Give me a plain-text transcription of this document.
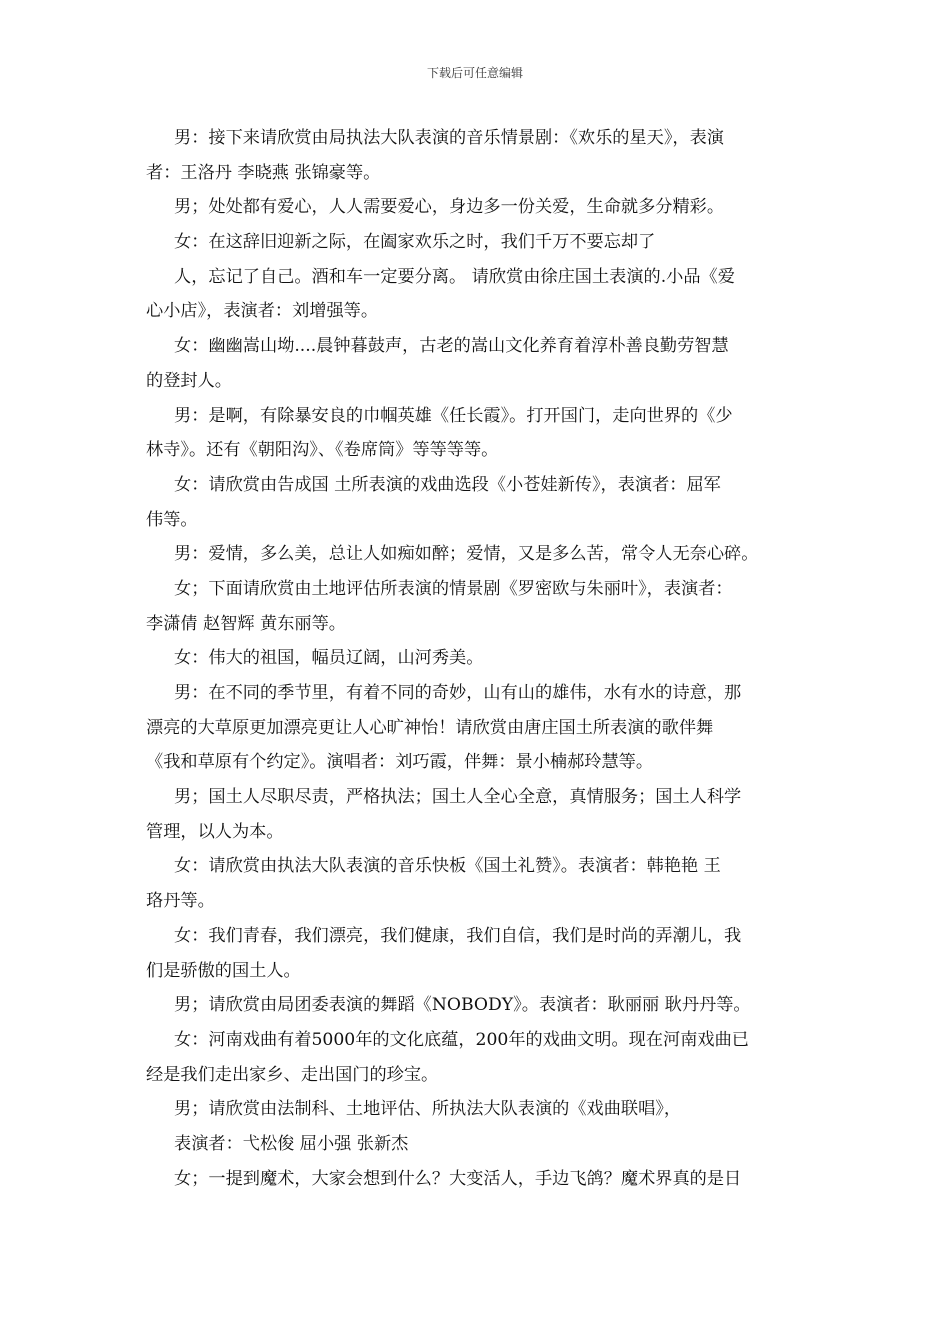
下载后可任意编辑
男：接下来请欣赏由局执法大队表演的音乐情景剧：《欢乐的星天》，表演
者：王洛丹 李晓燕 张锦豪等。
男；处处都有爱心，人人需要爱心，身边多一份关爱，生命就多分精彩。
女：在这辞旧迎新之际，在阖家欢乐之时，我们千万不要忘却了
人，忘记了自己。酒和车一定要分离。 请欣赏由徐庄国土表演的.小品《爱
心小店》，表演者：刘增强等。
女：幽幽嵩山坳....晨钟暮鼓声，古老的嵩山文化养育着淳朴善良勤劳智慧
的登封人。
男：是啊，有除暴安良的巾帼英雄《任长霞》。打开国门，走向世界的《少
林寺》。还有《朝阳沟》、《卷席筒》等等等等。
女：请欣赏由告成国 土所表演的戏曲选段《小苍娃新传》，表演者：屈军
伟等。
男：爱情，多么美，总让人如痴如醉；爱情，又是多么苦，常令人无奈心碎。
女；下面请欣赏由土地评估所表演的情景剧《罗密欧与朱丽叶》，表演者：
李潇倩 赵智辉 黄东丽等。
女：伟大的祖国，幅员辽阔，山河秀美。
男：在不同的季节里，有着不同的奇妙，山有山的雄伟，水有水的诗意，那
漂亮的大草原更加漂亮更让人心旷神怡！请欣赏由唐庄国土所表演的歌伴舞
《我和草原有个约定》。演唱者：刘巧霞，伴舞：景小楠郝玲慧等。
男；国土人尽职尽责，严格执法；国土人全心全意，真情服务；国土人科学
管理，以人为本。
女：请欣赏由执法大队表演的音乐快板《国土礼赞》。表演者：韩艳艳 王
珞丹等。
女：我们青春，我们漂亮，我们健康，我们自信，我们是时尚的弄潮儿，我
们是骄傲的国土人。
男；请欣赏由局团委表演的舞蹈《NOBODY》。表演者：耿丽丽 耿丹丹等。
女：河南戏曲有着5000年的文化底蕴，200年的戏曲文明。现在河南戏曲已
经是我们走出家乡、走出国门的珍宝。
男；请欣赏由法制科、土地评估、所执法大队表演的《戏曲联唱》，
表演者：弋松俊 屈小强 张新杰
女；一提到魔术，大家会想到什么？大变活人，手边飞鸽？魔术界真的是日
